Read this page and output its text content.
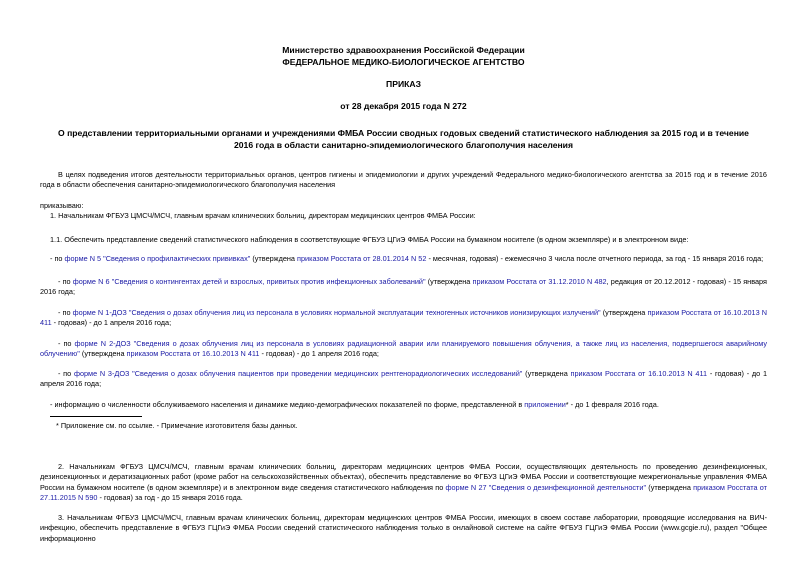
Министерство здравоохранения Российской Федерации

ФЕДЕРАЛЬНОЕ МЕДИКО-БИОЛОГИЧЕСКОЕ АГЕНТСТВО

ПРИКАЗ

от 28 декабря 2015 года N 272

О представлении территориальными органами и учреждениями ФМБА России сводных годовых сведений статистического наблюдения за 2015 год и в течение 2016 года в области санитарно-эпидемиологического благополучия населения

В целях подведения итогов деятельности территориальных органов, центров гигиены и эпидемиологии и других учреждений Федерального медико-биологического агентства за 2015 год и в течение 2016 года в области обеспечения санитарно-эпидемиологического благополучия населения

приказываю:

1. Начальникам ФГБУЗ ЦМСЧ/МСЧ, главным врачам клинических больниц, директорам медицинских центров ФМБА России:

1.1. Обеспечить представление сведений статистического наблюдения в соответствующие ФГБУЗ ЦГиЭ ФМБА России на бумажном носителе (в одном экземпляре) и в электронном виде:

- по форме N 5 "Сведения о профилактических прививках" (утверждена приказом Росстата от 28.01.2014 N 52 - месячная, годовая) - ежемесячно 3 числа после отчетного периода, за год - 15 января 2016 года;

- по форме N 6 "Сведения о контингентах детей и взрослых, привитых против инфекционных заболеваний" (утверждена приказом Росстата от 31.12.2010 N 482, редакция от 20.12.2012 - годовая) - 15 января 2016 года;

- по форме N 1-ДОЗ "Сведения о дозах облучения лиц из персонала в условиях нормальной эксплуатации техногенных источников ионизирующих излучений" (утверждена приказом Росстата от 16.10.2013 N 411 - годовая) - до 1 апреля 2016 года;

- по форме N 2-ДОЗ "Сведения о дозах облучения лиц из персонала в условиях радиационной аварии или планируемого повышения облучения, а также лиц из населения, подвергшегося аварийному облучению" (утверждена приказом Росстата от 16.10.2013 N 411 - годовая) - до 1 апреля 2016 года;

- по форме N 3-ДОЗ "Сведения о дозах облучения пациентов при проведении медицинских рентгенорадиологических исследований" (утверждена приказом Росстата от 16.10.2013 N 411 - годовая) - до 1 апреля 2016 года;

- информацию о численности обслуживаемого населения и динамике медико-демографических показателей по форме, представленной в приложении* - до 1 февраля 2016 года.

* Приложение см. по ссылке. - Примечание изготовителя базы данных.

2. Начальникам ФГБУЗ ЦМСЧ/МСЧ, главным врачам клинических больниц, директорам медицинских центров ФМБА России, осуществляющих деятельность по проведению дезинфекционных, дезинсекционных и дератизационных работ (кроме работ на сельскохозяйственных объектах), обеспечить представление во ФГБУЗ ЦГиЭ ФМБА России и соответствующие межрегиональные управления ФМБА России на бумажном носителе (в одном экземпляре) и в электронном виде сведения статистического наблюдения по форме N 27 "Сведения о дезинфекционной деятельности" (утверждена приказом Росстата от 27.11.2015 N 590 - годовая) за год - до 15 января 2016 года.

3. Начальникам ФГБУЗ ЦМСЧ/МСЧ, главным врачам клинических больниц, директорам медицинских центров ФМБА России, имеющих в своем составе лаборатории, проводящие исследования на ВИЧ-инфекцию, обеспечить представление в ФГБУЗ ГЦГиЭ ФМБА России сведений статистического наблюдения только в онлайновой системе на сайте ФГБУЗ ГЦГиЭ ФМБА России (www.gcgie.ru), раздел "Общее информационно
